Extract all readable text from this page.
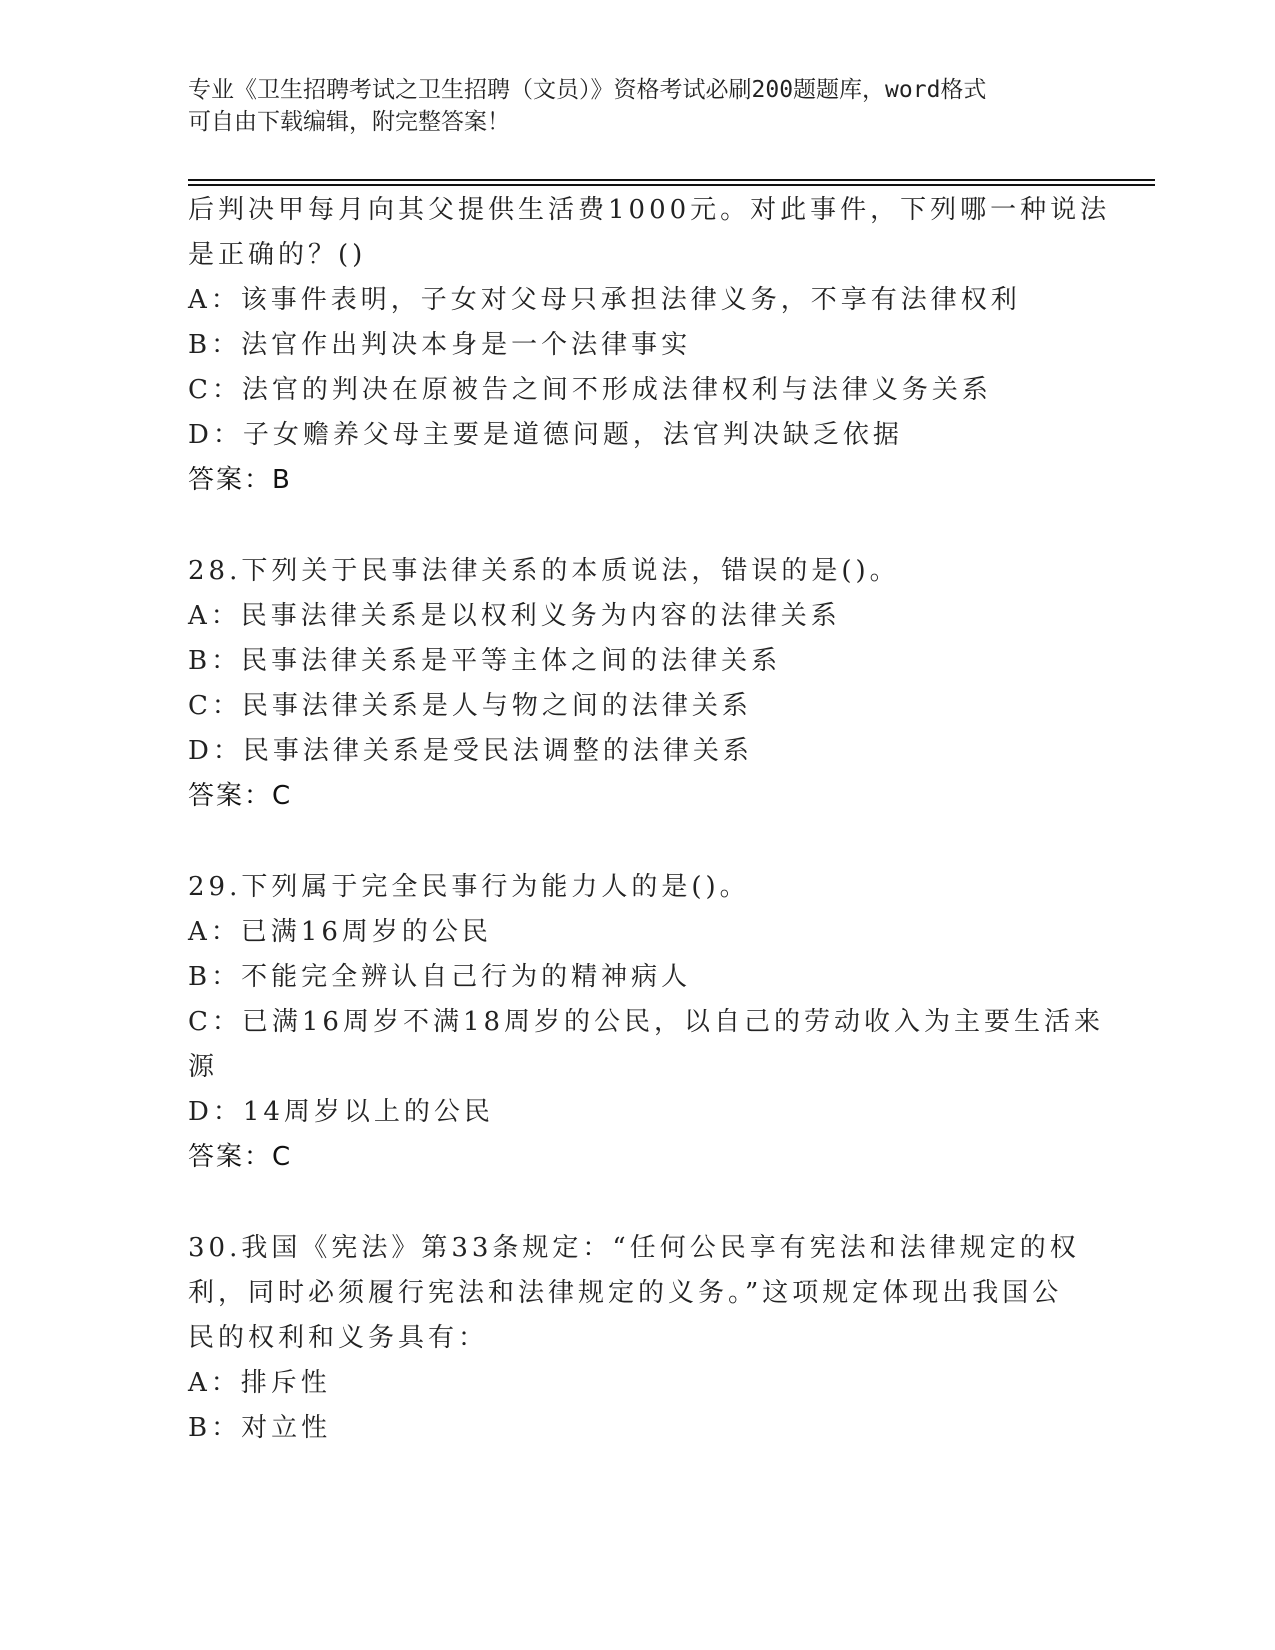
专业《卫生招聘考试之卫生招聘（文员）》资格考试必刷200题题库，word格式
可自由下载编辑，附完整答案！
后判决甲每月向其父提供生活费1000元。对此事件，下列哪一种说法
是正确的？()
A：该事件表明，子女对父母只承担法律义务，不享有法律权利
B：法官作出判决本身是一个法律事实
C：法官的判决在原被告之间不形成法律权利与法律义务关系
D：子女赡养父母主要是道德问题，法官判决缺乏依据
答案：B
28.下列关于民事法律关系的本质说法，错误的是()。
A：民事法律关系是以权利义务为内容的法律关系
B：民事法律关系是平等主体之间的法律关系
C：民事法律关系是人与物之间的法律关系
D：民事法律关系是受民法调整的法律关系
答案：C
29.下列属于完全民事行为能力人的是()。
A：已满16周岁的公民
B：不能完全辨认自己行为的精神病人
C：已满16周岁不满18周岁的公民，以自己的劳动收入为主要生活来
源
D：14周岁以上的公民
答案：C
30.我国《宪法》第33条规定：“任何公民享有宪法和法律规定的权
利，同时必须履行宪法和法律规定的义务。”这项规定体现出我国公
民的权利和义务具有：
A：排斥性
B：对立性
